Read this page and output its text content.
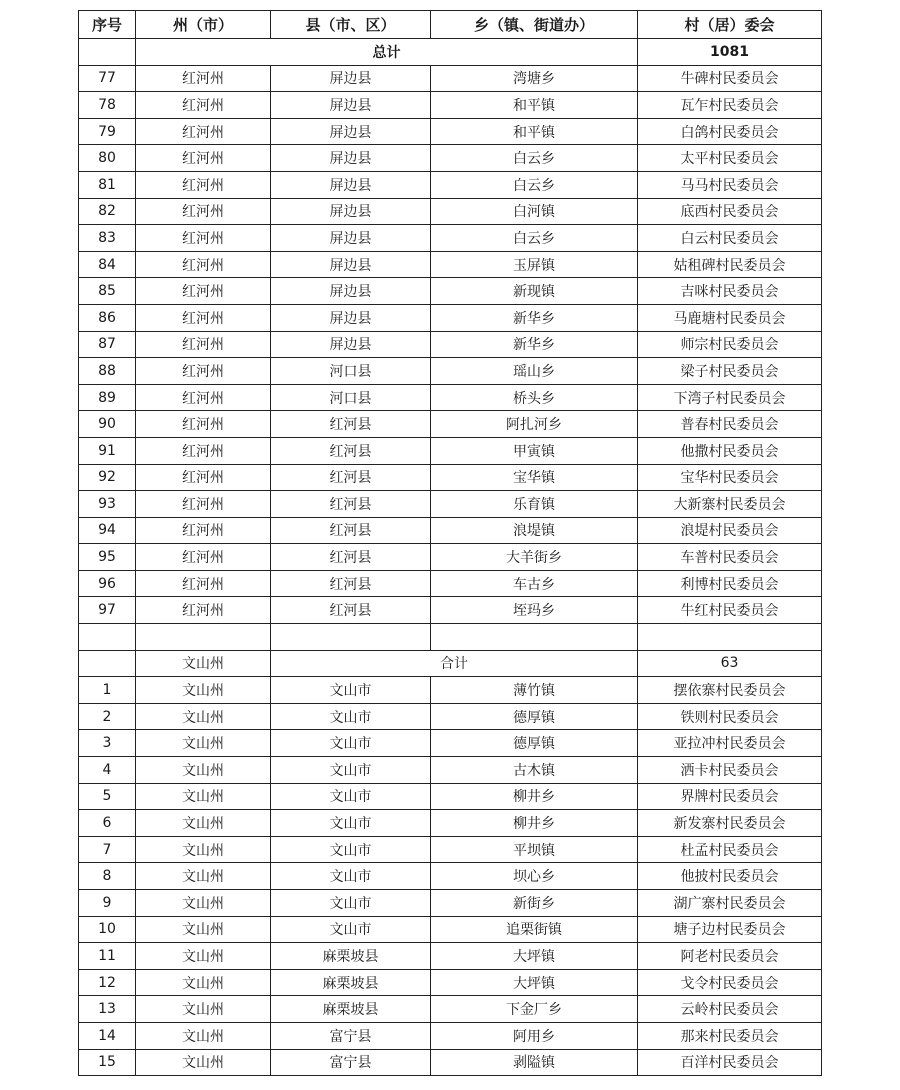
序号	州（市）	县（市、区）	乡（镇、街道办）	村（居）委会
	总计			1081
77	红河州	屏边县	湾塘乡	牛碑村民委员会
78	红河州	屏边县	和平镇	瓦乍村民委员会
79	红河州	屏边县	和平镇	白鸽村民委员会
80	红河州	屏边县	白云乡	太平村民委员会
81	红河州	屏边县	白云乡	马马村民委员会
82	红河州	屏边县	白河镇	底西村民委员会
83	红河州	屏边县	白云乡	白云村民委员会
84	红河州	屏边县	玉屏镇	姑租碑村民委员会
85	红河州	屏边县	新现镇	吉咪村民委员会
86	红河州	屏边县	新华乡	马鹿塘村民委员会
87	红河州	屏边县	新华乡	师宗村民委员会
88	红河州	河口县	瑶山乡	梁子村民委员会
89	红河州	河口县	桥头乡	下湾子村民委员会
90	红河州	红河县	阿扎河乡	普春村民委员会
91	红河州	红河县	甲寅镇	他撒村民委员会
92	红河州	红河县	宝华镇	宝华村民委员会
93	红河州	红河县	乐育镇	大新寨村民委员会
94	红河州	红河县	浪堤镇	浪堤村民委员会
95	红河州	红河县	大羊街乡	车普村民委员会
96	红河州	红河县	车古乡	利博村民委员会
97	红河州	红河县	垤玛乡	牛红村民委员会

	文山州	合计		63
1	文山州	文山市	薄竹镇	摆依寨村民委员会
2	文山州	文山市	德厚镇	铁则村民委员会
3	文山州	文山市	德厚镇	亚拉冲村民委员会
4	文山州	文山市	古木镇	洒卡村民委员会
5	文山州	文山市	柳井乡	界牌村民委员会
6	文山州	文山市	柳井乡	新发寨村民委员会
7	文山州	文山市	平坝镇	杜孟村民委员会
8	文山州	文山市	坝心乡	他披村民委员会
9	文山州	文山市	新街乡	湖广寨村民委员会
10	文山州	文山市	追栗街镇	塘子边村民委员会
11	文山州	麻栗坡县	大坪镇	阿老村民委员会
12	文山州	麻栗坡县	大坪镇	戈令村民委员会
13	文山州	麻栗坡县	下金厂乡	云岭村民委员会
14	文山州	富宁县	阿用乡	那来村民委员会
15	文山州	富宁县	剥隘镇	百洋村民委员会
